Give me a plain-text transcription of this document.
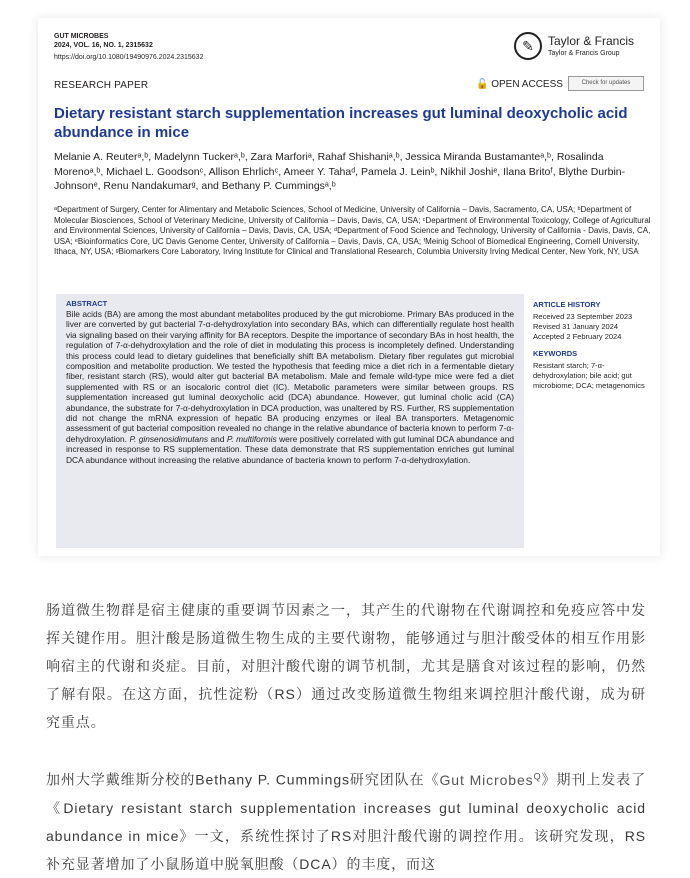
GUT MICROBES
2024, VOL. 16, NO. 1, 2315632
https://doi.org/10.1080/19490976.2024.2315632
✎	Taylor & Francis
Taylor & Francis Group
RESEARCH PAPER	🔓 OPEN ACCESS	Check for updates
Dietary resistant starch supplementation increases gut luminal deoxycholic acid abundance in mice
Melanie A. Reuterᵃ,ᵇ, Madelynn Tuckerᵃ,ᵇ, Zara Marforiᵃ, Rahaf Shishaniᵃ,ᵇ, Jessica Miranda Bustamanteᵃ,ᵇ, Rosalinda Morenoᵃ,ᵇ, Michael L. Goodsonᶜ, Allison Ehrlichᶜ, Ameer Y. Tahaᵈ, Pamela J. Leinᵇ, Nikhil Joshiᵉ, Ilana Britoᶠ, Blythe Durbin-Johnsonᵉ, Renu Nandakumarᵍ, and Bethany P. Cummingsᵃ,ᵇ
ᵃDepartment of Surgery, Center for Alimentary and Metabolic Sciences, School of Medicine, University of California – Davis, Sacramento, CA, USA; ᵇDepartment of Molecular Biosciences, School of Veterinary Medicine, University of California – Davis, Davis, CA, USA; ᶜDepartment of Environmental Toxicology, College of Agricultural and Environmental Sciences, University of California – Davis, Davis, CA, USA; ᵈDepartment of Food Science and Technology, University of California - Davis, Davis, CA, USA; ᵉBioinformatics Core, UC Davis Genome Center, University of California – Davis, Davis, CA, USA; ᶠMeinig School of Biomedical Engineering, Cornell University, Ithaca, NY, USA; ᵍBiomarkers Core Laboratory, Irving Institute for Clinical and Translational Research, Columbia University Irving Medical Center, New York, NY, USA
ABSTRACT

Bile acids (BA) are among the most abundant metabolites produced by the gut microbiome. Primary BAs produced in the liver are converted by gut bacterial 7-α-dehydroxylation into secondary BAs, which can differentially regulate host health via signaling based on their varying affinity for BA receptors. Despite the importance of secondary BAs in host health, the regulation of 7-α-dehydroxylation and the role of diet in modulating this process is incompletely defined. Understanding this process could lead to dietary guidelines that beneficially shift BA metabolism. Dietary fiber regulates gut microbial composition and metabolite production. We tested the hypothesis that feeding mice a diet rich in a fermentable dietary fiber, resistant starch (RS), would alter gut bacterial BA metabolism. Male and female wild-type mice were fed a diet supplemented with RS or an isocaloric control diet (IC). Metabolic parameters were similar between groups. RS supplementation increased gut luminal deoxycholic acid (DCA) abundance. However, gut luminal cholic acid (CA) abundance, the substrate for 7-α-dehydroxylation in DCA production, was unaltered by RS. Further, RS supplementation did not change the mRNA expression of hepatic BA producing enzymes or ileal BA transporters. Metagenomic assessment of gut bacterial composition revealed no change in the relative abundance of bacteria known to perform 7-α-dehydroxylation. P. ginsenosidimutans and P. multiformis were positively correlated with gut luminal DCA abundance and increased in response to RS supplementation. These data demonstrate that RS supplementation enriches gut luminal DCA abundance without increasing the relative abundance of bacteria known to perform 7-α-dehydroxylation.

ARTICLE HISTORY
Received 23 September 2023
Revised 31 January 2024
Accepted 2 February 2024
KEYWORDS
Resistant starch; 7-α-dehydroxylation; bile acid; gut microbiome; DCA; metagenomics

肠道微生物群是宿主健康的重要调节因素之一，其产生的代谢物在代谢调控和免疫应答中发挥关键作用。胆汁酸是肠道微生物生成的主要代谢物，能够通过与胆汁酸受体的相互作用影响宿主的代谢和炎症。目前，对胆汁酸代谢的调节机制，尤其是膳食对该过程的影响，仍然了解有限。在这方面，抗性淀粉（RS）通过改变肠道微生物组来调控胆汁酸代谢，成为研究重点。

加州大学戴维斯分校的Bethany P. Cummings研究团队在《Gut Microbes$^Q$》期刊上发表了《Dietary resistant starch supplementation increases gut luminal deoxycholic acid abundance in mice》一文，系统性探讨了RS对胆汁酸代谢的调控作用。该研究发现，RS补充显著增加了小鼠肠道中脱氧胆酸（DCA）的丰度，而这
